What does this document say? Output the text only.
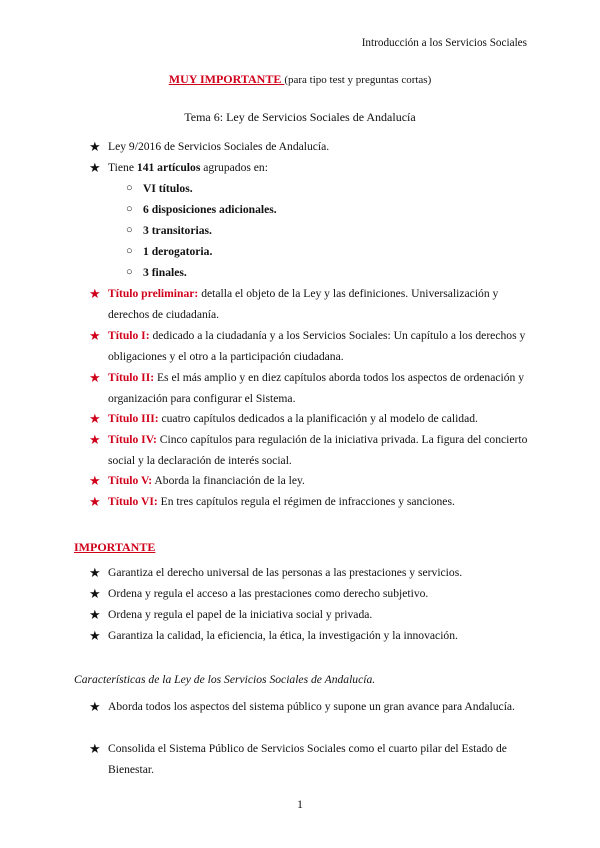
Introducción a los Servicios Sociales
MUY IMPORTANTE (para tipo test y preguntas cortas)
Tema 6: Ley de Servicios Sociales de Andalucía
★ Ley 9/2016 de Servicios Sociales de Andalucía.
★ Tiene 141 artículos agrupados en:
○ VI títulos.
○ 6 disposiciones adicionales.
○ 3 transitorias.
○ 1 derogatoria.
○ 3 finales.
★ Título preliminar: detalla el objeto de la Ley y las definiciones. Universalización y derechos de ciudadanía.
★ Título I: dedicado a la ciudadanía y a los Servicios Sociales: Un capítulo a los derechos y obligaciones y el otro a la participación ciudadana.
★ Título II: Es el más amplio y en diez capítulos aborda todos los aspectos de ordenación y organización para configurar el Sistema.
★ Título III: cuatro capítulos dedicados a la planificación y al modelo de calidad.
★ Título IV: Cinco capítulos para regulación de la iniciativa privada. La figura del concierto social y la declaración de interés social.
★ Título V: Aborda la financiación de la ley.
★ Título VI: En tres capítulos regula el régimen de infracciones y sanciones.
IMPORTANTE
★ Garantiza el derecho universal de las personas a las prestaciones y servicios.
★ Ordena y regula el acceso a las prestaciones como derecho subjetivo.
★ Ordena y regula el papel de la iniciativa social y privada.
★ Garantiza la calidad, la eficiencia, la ética, la investigación y la innovación.
Características de la Ley de los Servicios Sociales de Andalucía.
★ Aborda todos los aspectos del sistema público y supone un gran avance para Andalucía.
★ Consolida el Sistema Público de Servicios Sociales como el cuarto pilar del Estado de Bienestar.
1
